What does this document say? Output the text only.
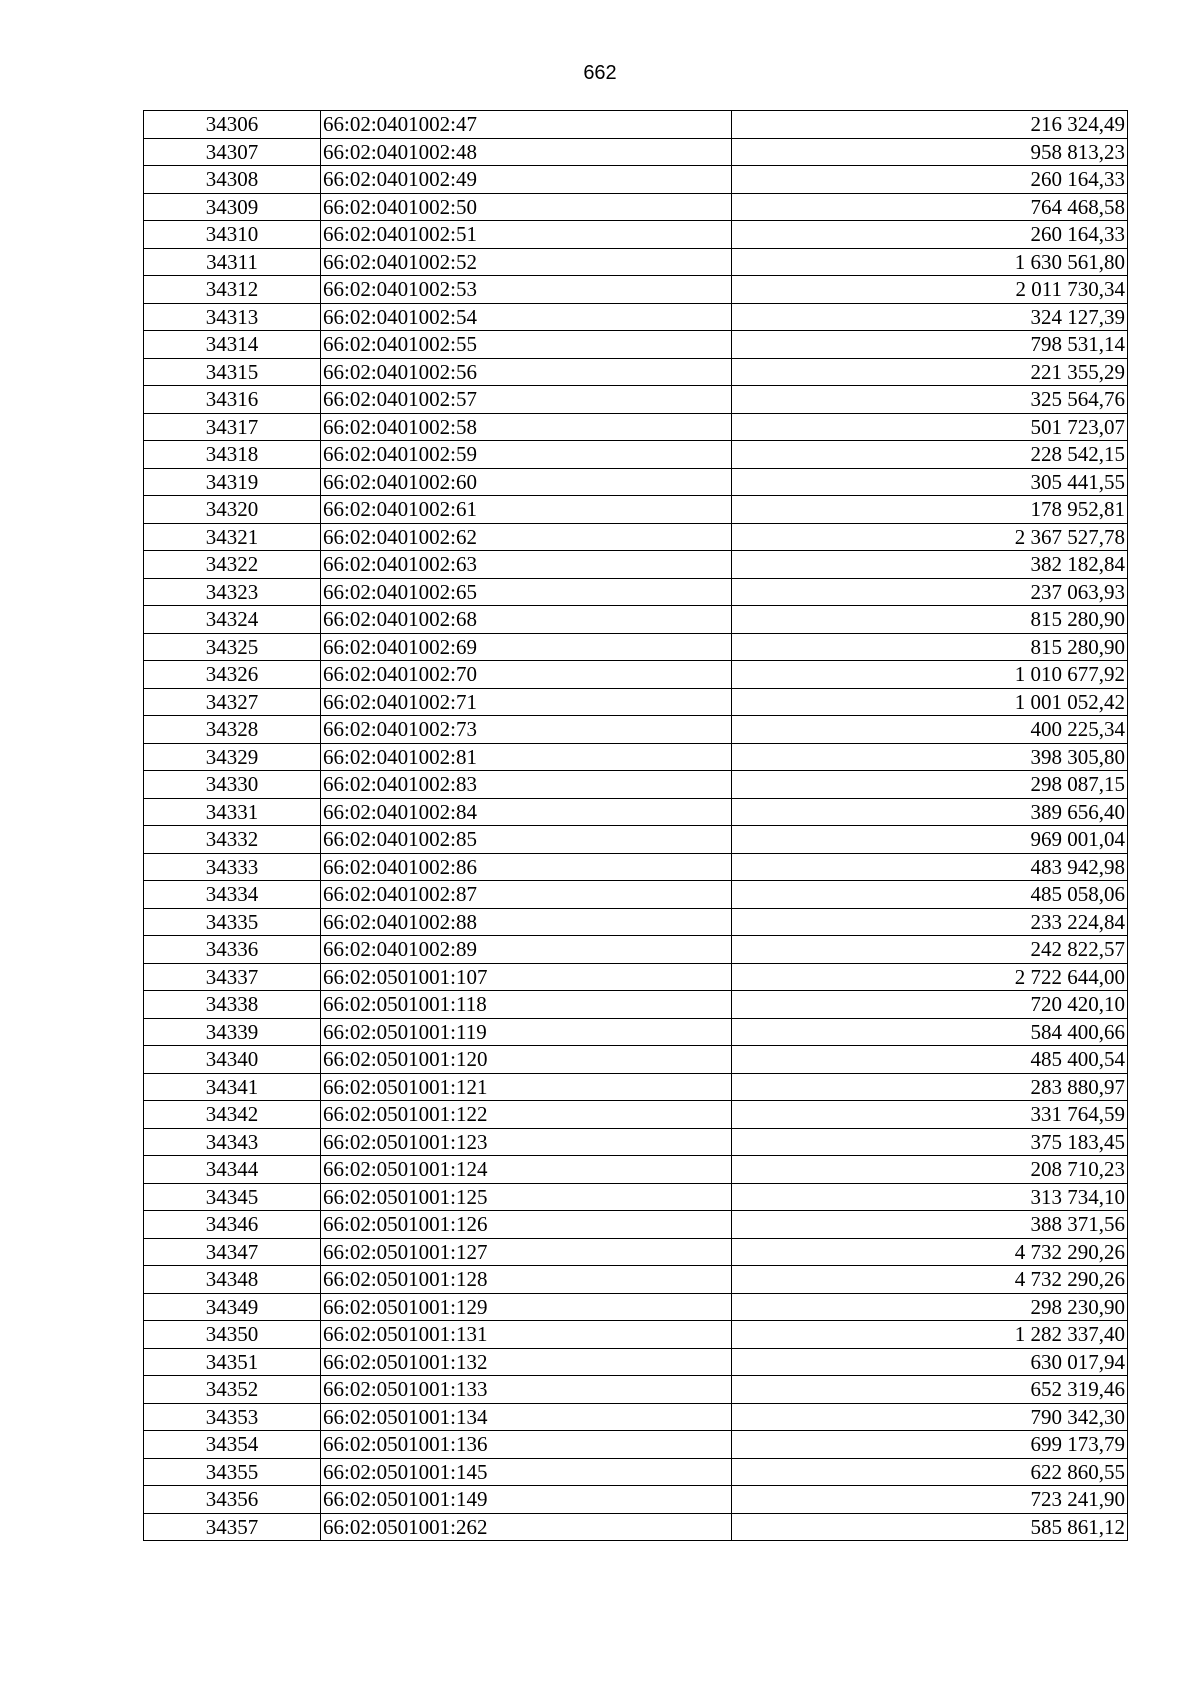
662
34306	66:02:0401002:47	216 324,49
34307	66:02:0401002:48	958 813,23
34308	66:02:0401002:49	260 164,33
34309	66:02:0401002:50	764 468,58
34310	66:02:0401002:51	260 164,33
34311	66:02:0401002:52	1 630 561,80
34312	66:02:0401002:53	2 011 730,34
34313	66:02:0401002:54	324 127,39
34314	66:02:0401002:55	798 531,14
34315	66:02:0401002:56	221 355,29
34316	66:02:0401002:57	325 564,76
34317	66:02:0401002:58	501 723,07
34318	66:02:0401002:59	228 542,15
34319	66:02:0401002:60	305 441,55
34320	66:02:0401002:61	178 952,81
34321	66:02:0401002:62	2 367 527,78
34322	66:02:0401002:63	382 182,84
34323	66:02:0401002:65	237 063,93
34324	66:02:0401002:68	815 280,90
34325	66:02:0401002:69	815 280,90
34326	66:02:0401002:70	1 010 677,92
34327	66:02:0401002:71	1 001 052,42
34328	66:02:0401002:73	400 225,34
34329	66:02:0401002:81	398 305,80
34330	66:02:0401002:83	298 087,15
34331	66:02:0401002:84	389 656,40
34332	66:02:0401002:85	969 001,04
34333	66:02:0401002:86	483 942,98
34334	66:02:0401002:87	485 058,06
34335	66:02:0401002:88	233 224,84
34336	66:02:0401002:89	242 822,57
34337	66:02:0501001:107	2 722 644,00
34338	66:02:0501001:118	720 420,10
34339	66:02:0501001:119	584 400,66
34340	66:02:0501001:120	485 400,54
34341	66:02:0501001:121	283 880,97
34342	66:02:0501001:122	331 764,59
34343	66:02:0501001:123	375 183,45
34344	66:02:0501001:124	208 710,23
34345	66:02:0501001:125	313 734,10
34346	66:02:0501001:126	388 371,56
34347	66:02:0501001:127	4 732 290,26
34348	66:02:0501001:128	4 732 290,26
34349	66:02:0501001:129	298 230,90
34350	66:02:0501001:131	1 282 337,40
34351	66:02:0501001:132	630 017,94
34352	66:02:0501001:133	652 319,46
34353	66:02:0501001:134	790 342,30
34354	66:02:0501001:136	699 173,79
34355	66:02:0501001:145	622 860,55
34356	66:02:0501001:149	723 241,90
34357	66:02:0501001:262	585 861,12
